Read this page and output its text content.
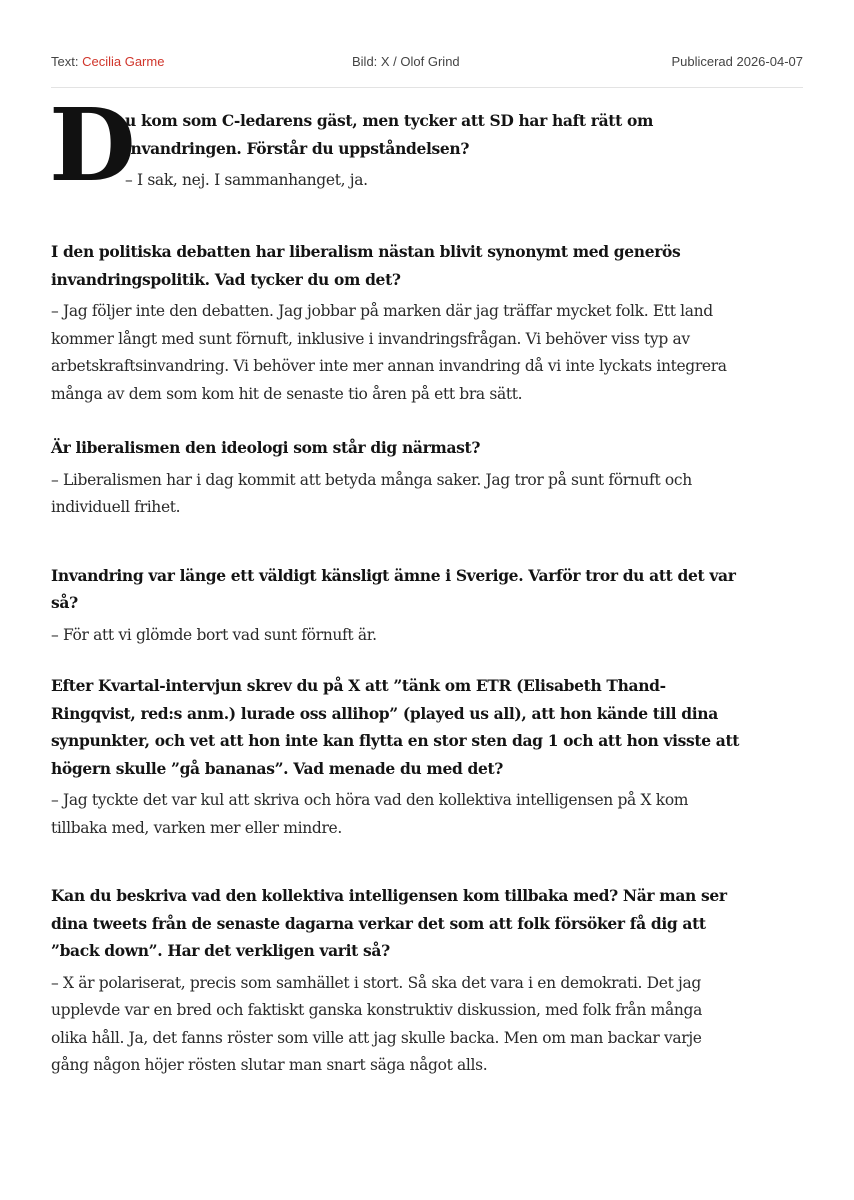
Text: Cecilia Garme	Bild: X / Olof Grind	Publicerad 2026-04-07
D

u kom som C-ledarens gäst, men tycker att SD har haft rätt om invandringen. Förstår du uppståndelsen?

– I sak, nej. I sammanhanget, ja.

I den politiska debatten har liberalism nästan blivit synonymt med generös invandringspolitik. Vad tycker du om det?

– Jag följer inte den debatten. Jag jobbar på marken där jag träffar mycket folk. Ett land kommer långt med sunt förnuft, inklusive i invandringsfrågan. Vi behöver viss typ av arbetskraftsinvandring. Vi behöver inte mer annan invandring då vi inte lyckats integrera många av dem som kom hit de senaste tio åren på ett bra sätt.

Är liberalismen den ideologi som står dig närmast?

– Liberalismen har i dag kommit att betyda många saker. Jag tror på sunt förnuft och individuell frihet.

Invandring var länge ett väldigt känsligt ämne i Sverige. Varför tror du att det var så?

– För att vi glömde bort vad sunt förnuft är.

Efter Kvartal-intervjun skrev du på X att ”tänk om ETR (Elisabeth Thand-Ringqvist, red:s anm.) lurade oss allihop” (played us all), att hon kände till dina synpunkter, och vet att hon inte kan flytta en stor sten dag 1 och att hon visste att högern skulle ”gå bananas”. Vad menade du med det?

– Jag tyckte det var kul att skriva och höra vad den kollektiva intelligensen på X kom tillbaka med, varken mer eller mindre.

Kan du beskriva vad den kollektiva intelligensen kom tillbaka med? När man ser dina tweets från de senaste dagarna verkar det som att folk försöker få dig att ”back down”. Har det verkligen varit så?

– X är polariserat, precis som samhället i stort. Så ska det vara i en demokrati. Det jag upplevde var en bred och faktiskt ganska konstruktiv diskussion, med folk från många olika håll. Ja, det fanns röster som ville att jag skulle backa. Men om man backar varje gång någon höjer rösten slutar man snart säga något alls.
